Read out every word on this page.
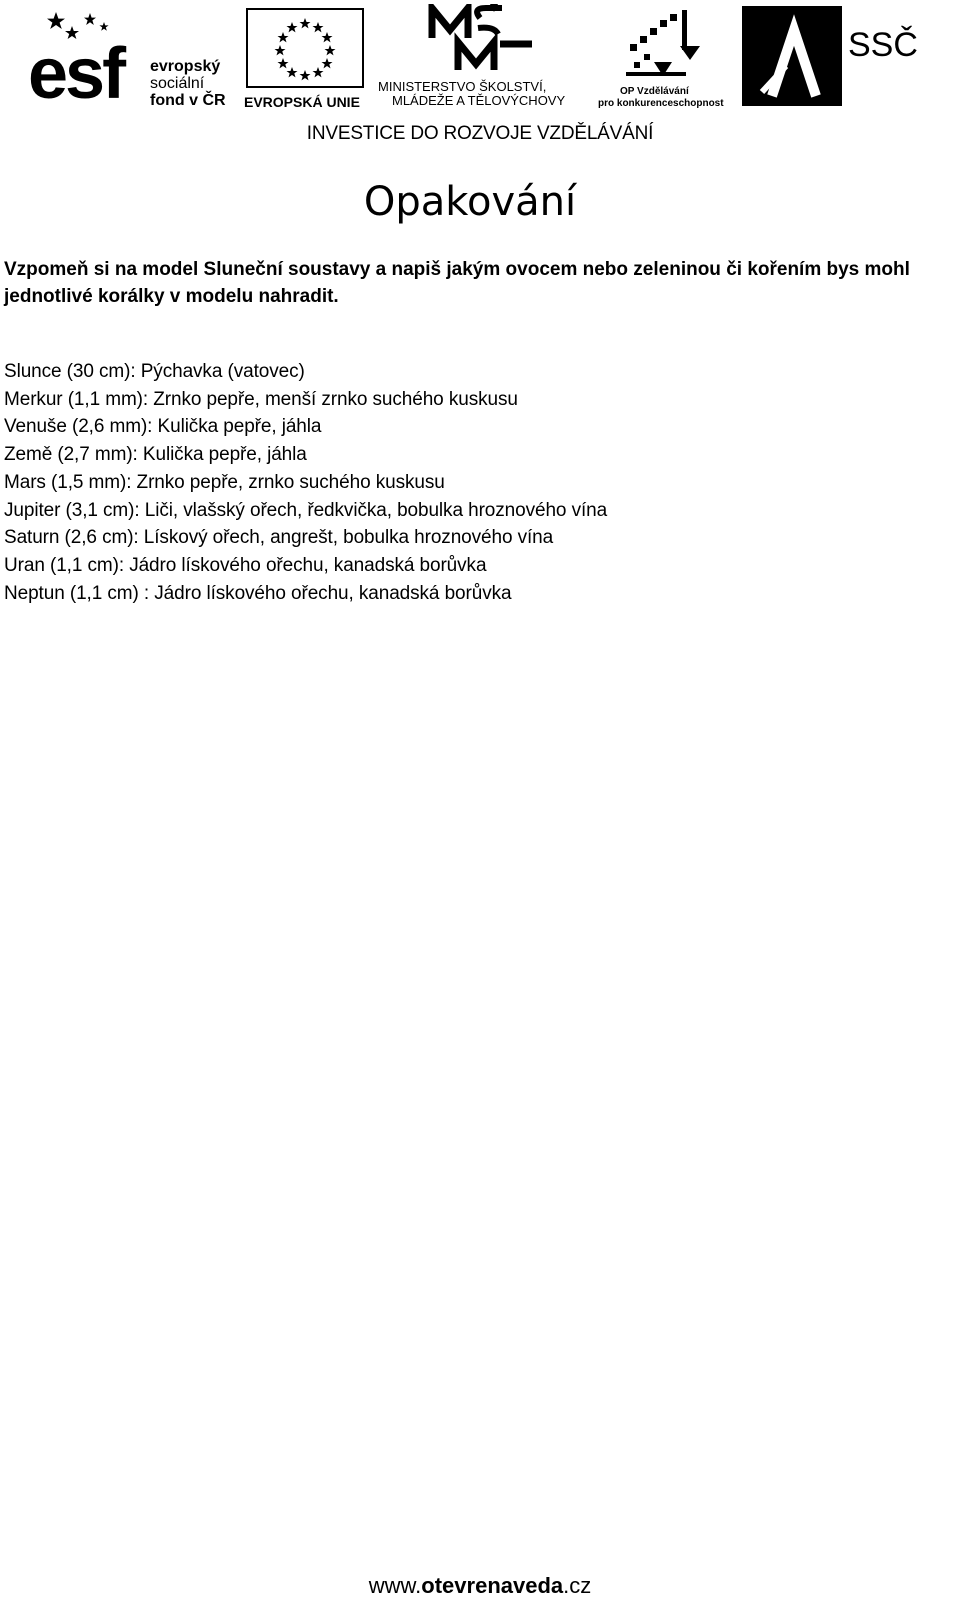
esf evropský
sociální
fond v ČR EVROPSKÁ UNIE
MINISTERSTVO ŠKOLSTVÍ,
MLÁDEŽE A TĚLOVÝCHOVY
OP Vzdělávání
pro konkurenceschopnost
SSČ
INVESTICE DO ROZVOJE VZDĚLÁVÁNÍ
Opakování

Vzpomeň si na model Sluneční soustavy a napiš jakým ovocem nebo zeleninou či kořením bys mohl jednotlivé korálky v modelu nahradit.

Slunce (30 cm): Pýchavka (vatovec)
Merkur (1,1 mm): Zrnko pepře, menší zrnko suchého kuskusu
Venuše (2,6 mm): Kulička pepře, jáhla
Země (2,7 mm): Kulička pepře, jáhla
Mars (1,5 mm): Zrnko pepře, zrnko suchého kuskusu
Jupiter (3,1 cm): Liči, vlašský ořech, ředkvička, bobulka hroznového vína
Saturn (2,6 cm): Lískový ořech, angrešt, bobulka hroznového vína
Uran (1,1 cm): Jádro lískového ořechu, kanadská borůvka
Neptun (1,1 cm) : Jádro lískového ořechu, kanadská borůvka
www.otevrenaveda.cz
